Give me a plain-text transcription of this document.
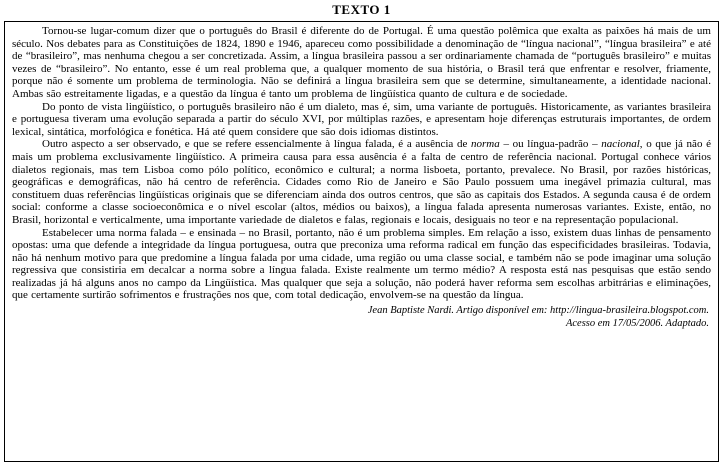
TEXTO 1

Tornou-se lugar-comum dizer que o português do Brasil é diferente do de Portugal. É uma questão polêmica que exalta as paixões há mais de um século. Nos debates para as Constituições de 1824, 1890 e 1946, apareceu como possibilidade a denominação de “língua nacional”, “língua brasileira” e até de “brasileiro”, mas nenhuma chegou a ser concretizada. Assim, a língua brasileira passou a ser ordinariamente chamada de “português brasileiro” e muitas vezes de “brasileiro”. No entanto, esse é um real problema que, a qualquer momento de sua história, o Brasil terá que enfrentar e resolver, friamente, porque não é somente um problema de terminologia. Não se definirá a língua brasileira sem que se determine, simultaneamente, a identidade nacional. Ambas são estreitamente ligadas, e a questão da língua é tanto um problema de lingüística quanto de cultura e de sociedade.

Do ponto de vista lingüístico, o português brasileiro não é um dialeto, mas é, sim, uma variante de português. Historicamente, as variantes brasileira e portuguesa tiveram uma evolução separada a partir do século XVI, por múltiplas razões, e apresentam hoje diferenças estruturais importantes, de ordem lexical, sintática, morfológica e fonética. Há até quem considere que são dois idiomas distintos.

Outro aspecto a ser observado, e que se refere essencialmente à língua falada, é a ausência de norma – ou língua-padrão – nacional, o que já não é mais um problema exclusivamente lingüístico. A primeira causa para essa ausência é a falta de centro de referência nacional. Portugal conhece vários dialetos regionais, mas tem Lisboa como pólo político, econômico e cultural; a norma lisboeta, portanto, prevalece. No Brasil, por razões históricas, geográficas e demográficas, não há centro de referência. Cidades como Rio de Janeiro e São Paulo possuem uma inegável primazia cultural, mas constituem duas referências lingüísticas originais que se diferenciam ainda dos outros centros, que são as capitais dos Estados. A segunda causa é de ordem social: conforme a classe socioeconômica e o nível escolar (altos, médios ou baixos), a língua falada apresenta numerosas variantes. Existe, então, no Brasil, horizontal e verticalmente, uma importante variedade de dialetos e falas, regionais e locais, desiguais no teor e na representação populacional.

Estabelecer uma norma falada – e ensinada – no Brasil, portanto, não é um problema simples. Em relação a isso, existem duas linhas de pensamento opostas: uma que defende a integridade da língua portuguesa, outra que preconiza uma reforma radical em função das especificidades brasileiras. Todavia, não há nenhum motivo para que predomine a língua falada por uma cidade, uma região ou uma classe social, e também não se pode imaginar uma solução regressiva que consistiria em decalcar a norma sobre a língua falada. Existe realmente um termo médio? A resposta está nas pesquisas que estão sendo realizadas já há alguns anos no campo da Lingüística. Mas qualquer que seja a solução, não poderá haver reforma sem escolhas arbitrárias e eliminações, que certamente surtirão sofrimentos e frustrações nos que, com total dedicação, envolvem-se na questão da língua.

Jean Baptiste Nardi. Artigo disponível em: http://lingua-brasileira.blogspot.com.
Acesso em 17/05/2006. Adaptado.
